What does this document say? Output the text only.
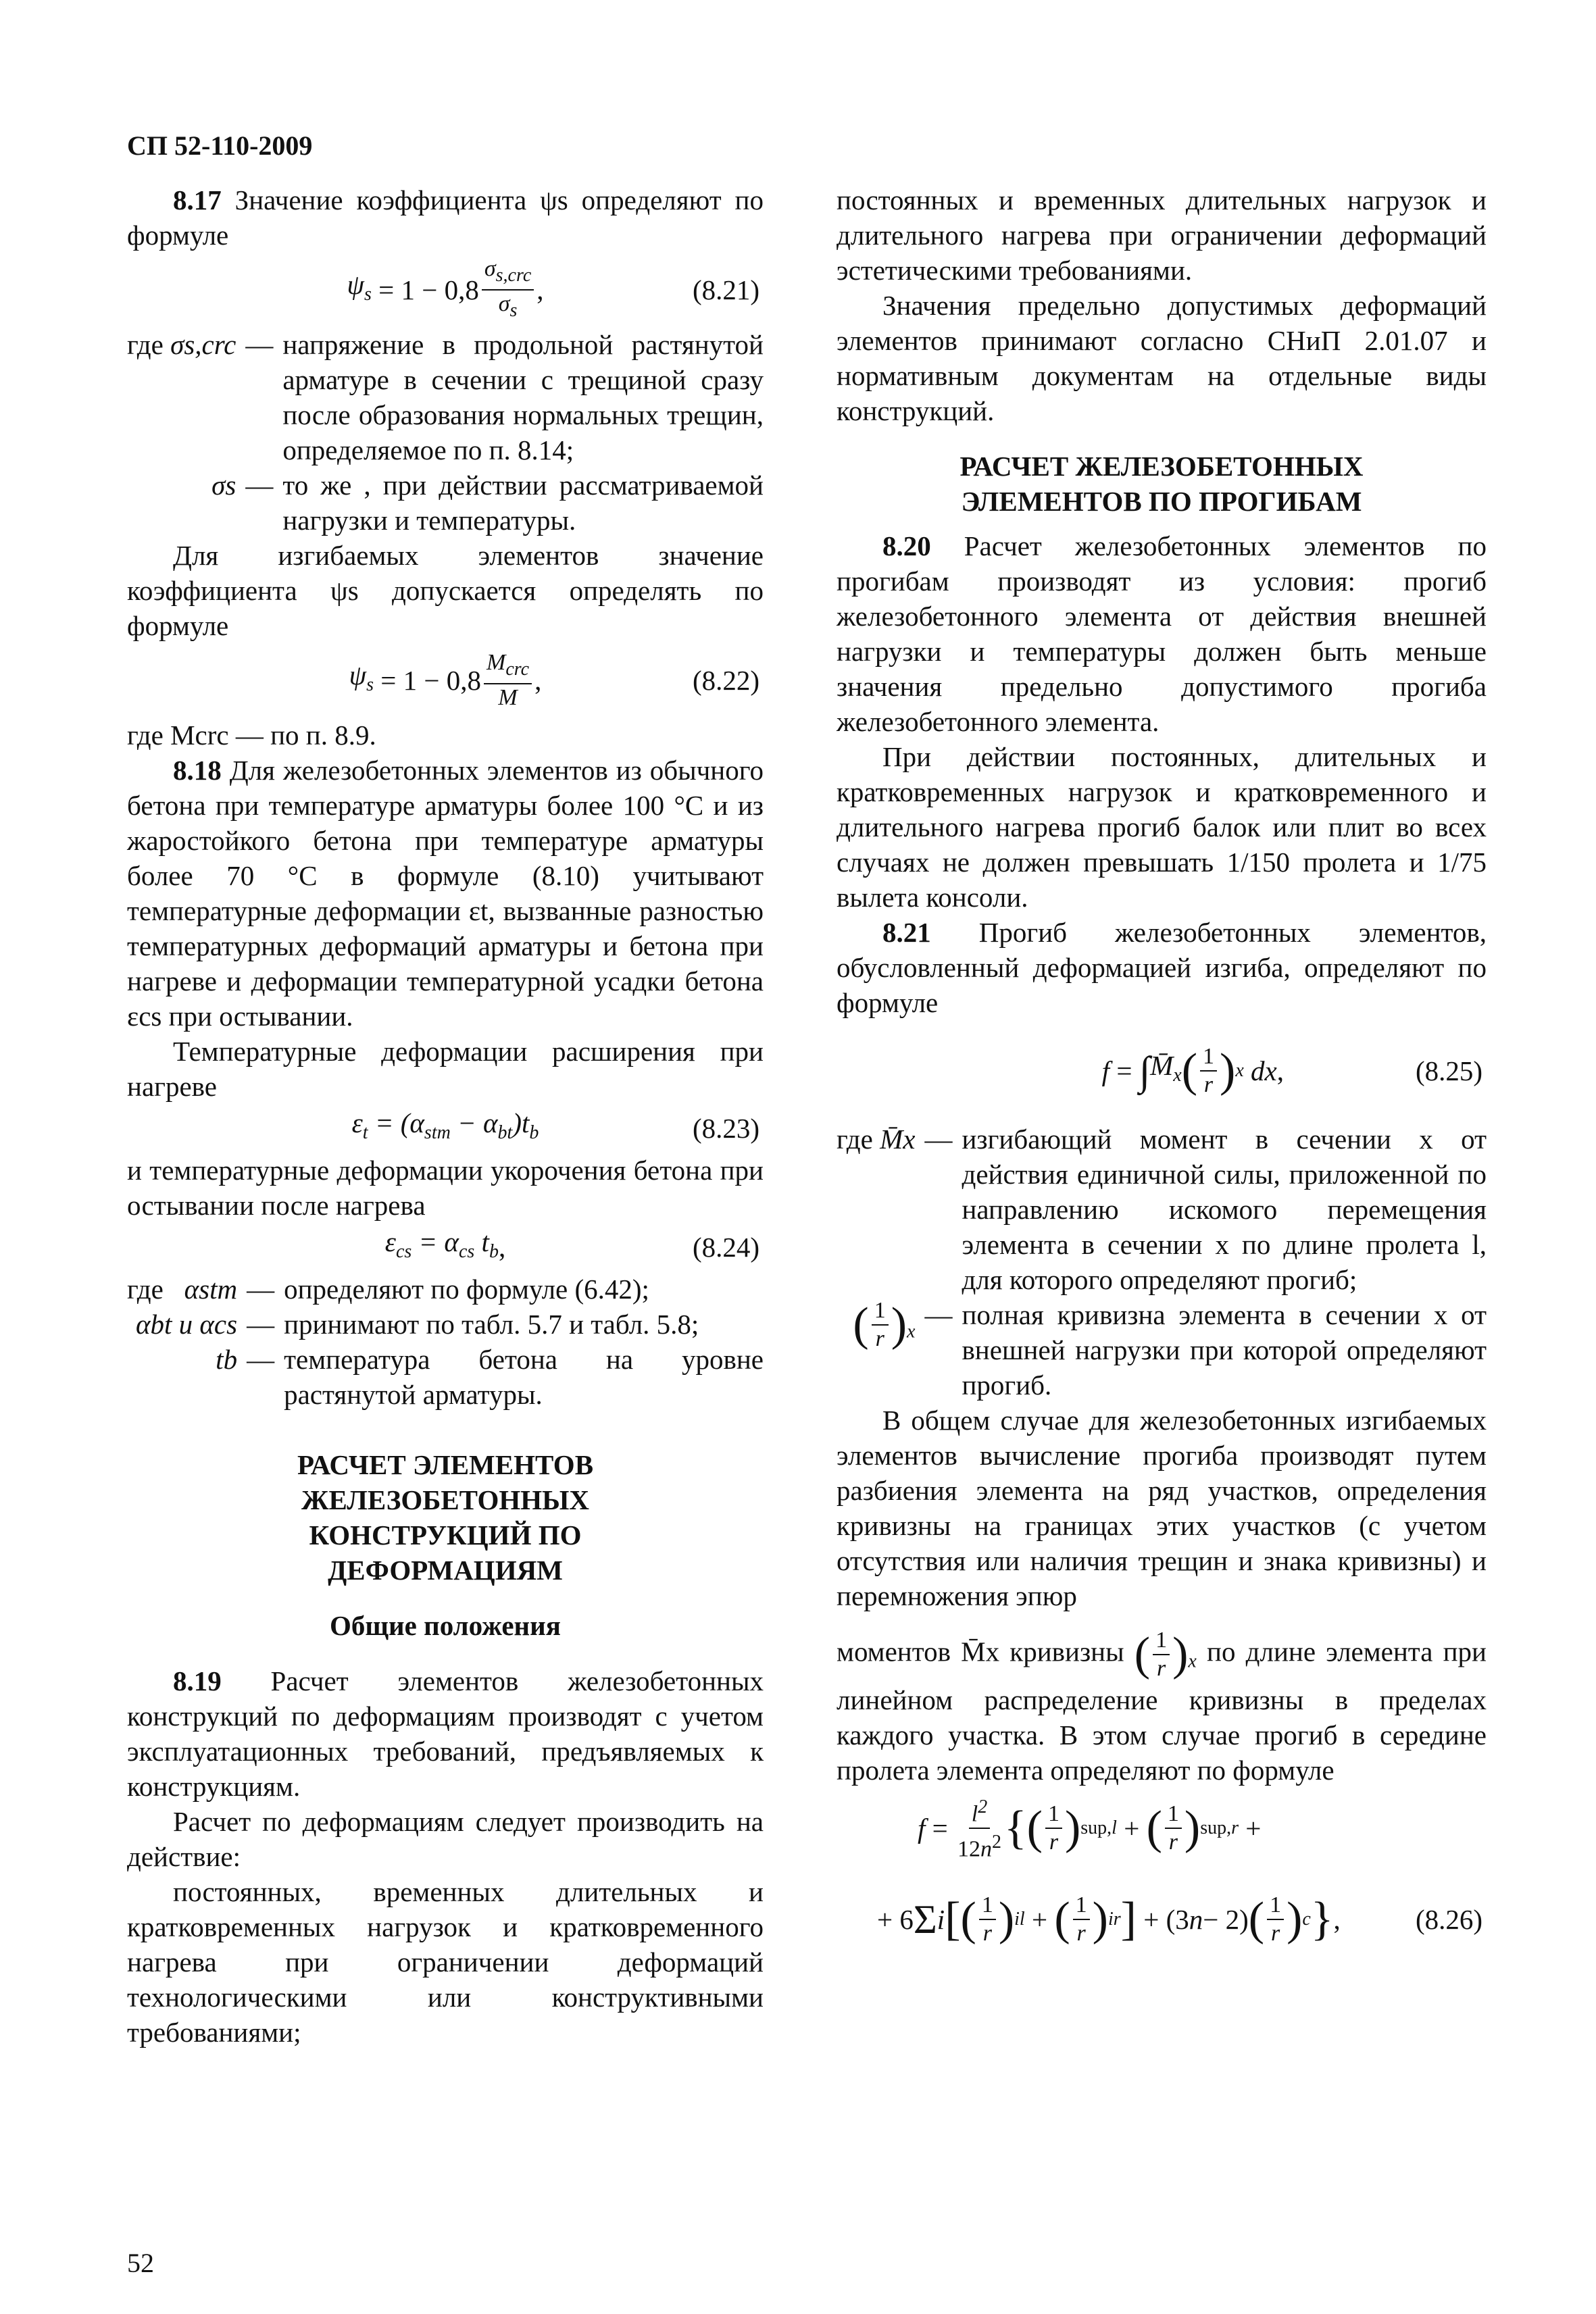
СП 52-110-2009

8.17 Значение коэффициента ψs определяют по формуле

$\psi_s = 1 - 0,8 \frac{\sigma_{s,crc}}{\sigma_s}$ ,	(8.21)
где σs,crc — напряжение в продольной растянутой арматуре в сечении с трещиной сразу после образования нормальных трещин, определяемое по п. 8.14;
σs — то же , при действии рассматриваемой нагрузки и температуры.

Для изгибаемых элементов значение коэффициента ψs допускается определять по формуле

$\psi_s = 1 - 0,8 \frac{M_{crc}}{M}$ ,	(8.22)

где Mcrc — по п. 8.9.

8.18 Для железобетонных элементов из обычного бетона при температуре арматуры более 100 °C и из жаростойкого бетона при температуре арматуры более 70 °C в формуле (8.10) учитывают температурные деформации εt, вызванные разностью температурных деформаций арматуры и бетона при нагреве и деформации температурной усадки бетона εcs при остывании.

Температурные деформации расширения при нагреве

$\varepsilon_t = (\alpha_{stm} - \alpha_{bt})t_b$	(8.23)

и температурные деформации укорочения бетона при остывании после нагрева

$\varepsilon_{cs} = \alpha_{cs}$ $t_b$ ,	(8.24)
где   αstm — определяют по формуле (6.42);
αbt и αcs — принимают по табл. 5.7 и табл. 5.8;
tb — температура бетона на уровне растянутой арматуры.

РАСЧЕТ ЭЛЕМЕНТОВ ЖЕЛЕЗОБЕТОННЫХ КОНСТРУКЦИЙ ПО ДЕФОРМАЦИЯМ

Общие положения

8.19 Расчет элементов железобетонных конструкций по деформациям производят с учетом эксплуатационных требований, предъявляемых к конструкциям.

Расчет по деформациям следует производить на действие:

постоянных, временных длительных и кратковременных нагрузок и кратковременного нагрева при ограничении деформаций технологическими или конструктивными требованиями;

постоянных и временных длительных нагрузок и длительного нагрева при ограничении деформаций эстетическими требованиями.

Значения предельно допустимых деформаций элементов принимают согласно СНиП 2.01.07 и нормативным документам на отдельные виды конструкций.

РАСЧЕТ ЖЕЛЕЗОБЕТОННЫХ ЭЛЕМЕНТОВ ПО ПРОГИБАМ

8.20 Расчет железобетонных элементов по прогибам производят из условия: прогиб железобетонного элемента от действия внешней нагрузки и температуры должен быть меньше значения предельно допустимого прогиба железобетонного элемента.

При действии постоянных, длительных и кратковременных нагрузок и кратковременного и длительного нагрева прогиб балок или плит во всех случаях не должен превышать 1/150 пролета и 1/75 вылета консоли.

8.21 Прогиб железобетонных элементов, обусловленный деформацией изгиба, определяют по формуле

f = ∫ $M̄_x$ ( $\frac{1}{r}$ ) x
dx ,	(8.25)
где M̄x — изгибающий момент в сечении x от действия единичной силы, приложенной по направлению искомого перемещения элемента в сечении x по длине пролета l, для которого определяют прогиб;
( $\frac{1}{r} )_x$
— полная кривизна элемента в сечении x от внешней нагрузки при которой определяют прогиб.

В общем случае для железобетонных изгибаемых элементов вычисление прогиба производят путем разбиения элемента на ряд участков, определения кривизны на границах этих участков (с учетом отсутствия или наличия трещин и знака кривизны) и перемножения эпюр

моментов M̄x кривизны ( $\frac{1}{r} )_x$ по длине элемента при линейном распределение кривизны в пределах каждого участка. В этом случае прогиб в середине пролета элемента определяют по формуле

$f = \frac{l^2}{12n^2}$ { ( $\frac{1}{r}$ ) sup,l + ( $\frac{1}{r}$ ) sup,r +
+ 6 Σ i [ ( $\frac{1}{r}$ ) il + ( $\frac{1}{r}$ ) ir ] + (3 n − 2) ( $\frac{1}{r}$ ) c } ,	(8.26)
52
